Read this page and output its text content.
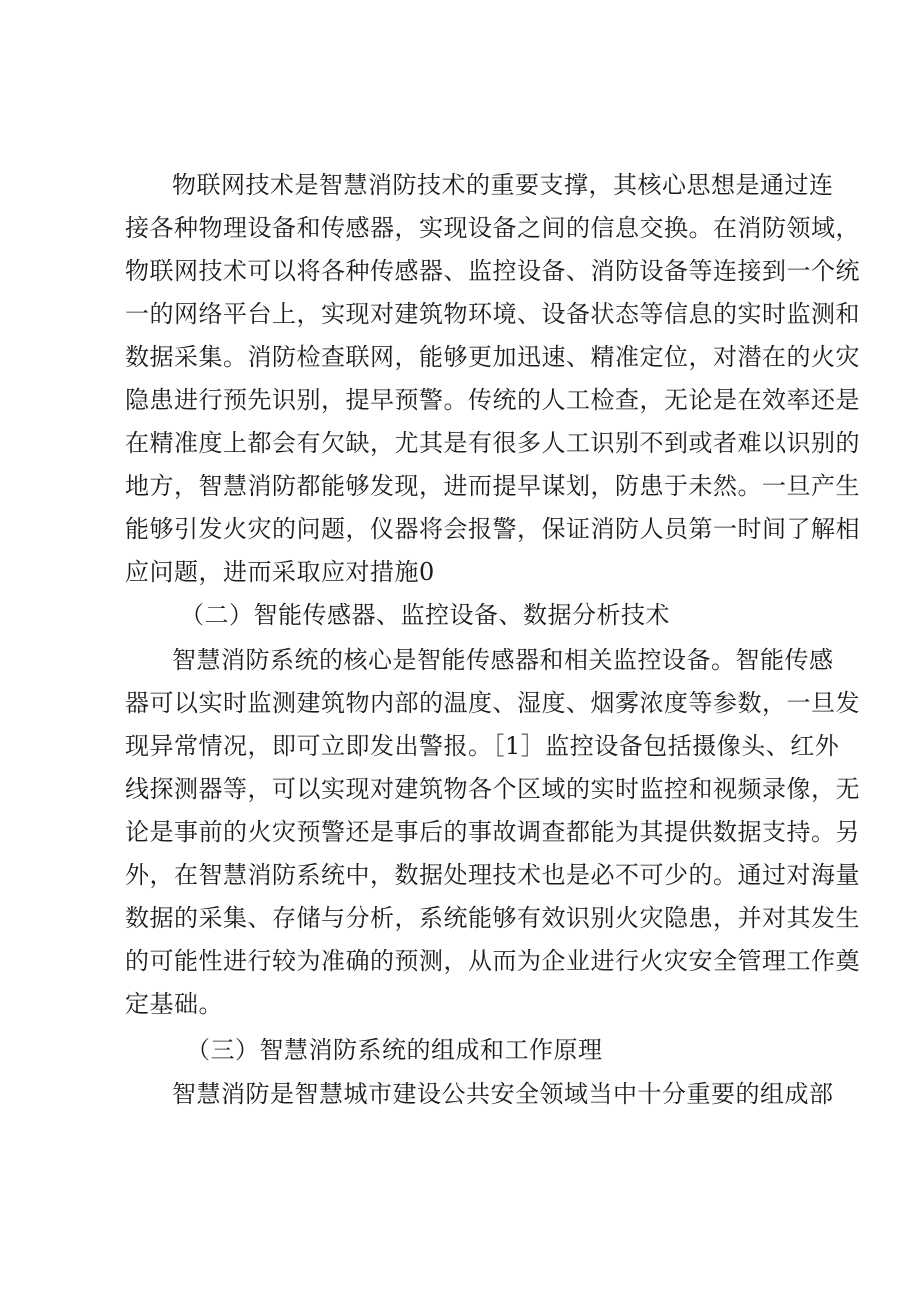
物联网技术是智慧消防技术的重要支撑，其核心思想是通过连
接各种物理设备和传感器，实现设备之间的信息交换。在消防领域，
物联网技术可以将各种传感器、监控设备、消防设备等连接到一个统
一的网络平台上，实现对建筑物环境、设备状态等信息的实时监测和
数据采集。消防检查联网，能够更加迅速、精准定位，对潜在的火灾
隐患进行预先识别，提早预警。传统的人工检查，无论是在效率还是
在精准度上都会有欠缺，尤其是有很多人工识别不到或者难以识别的
地方，智慧消防都能够发现，进而提早谋划，防患于未然。一旦产生
能够引发火灾的问题，仪器将会报警，保证消防人员第一时间了解相
应问题，进而采取应对措施0
（二）智能传感器、监控设备、数据分析技术
智慧消防系统的核心是智能传感器和相关监控设备。智能传感
器可以实时监测建筑物内部的温度、湿度、烟雾浓度等参数，一旦发
现异常情况，即可立即发出警报。［1］监控设备包括摄像头、红外
线探测器等，可以实现对建筑物各个区域的实时监控和视频录像，无
论是事前的火灾预警还是事后的事故调查都能为其提供数据支持。另
外，在智慧消防系统中，数据处理技术也是必不可少的。通过对海量
数据的采集、存储与分析，系统能够有效识别火灾隐患，并对其发生
的可能性进行较为准确的预测，从而为企业进行火灾安全管理工作奠
定基础。
（三）智慧消防系统的组成和工作原理
智慧消防是智慧城市建设公共安全领域当中十分重要的组成部
